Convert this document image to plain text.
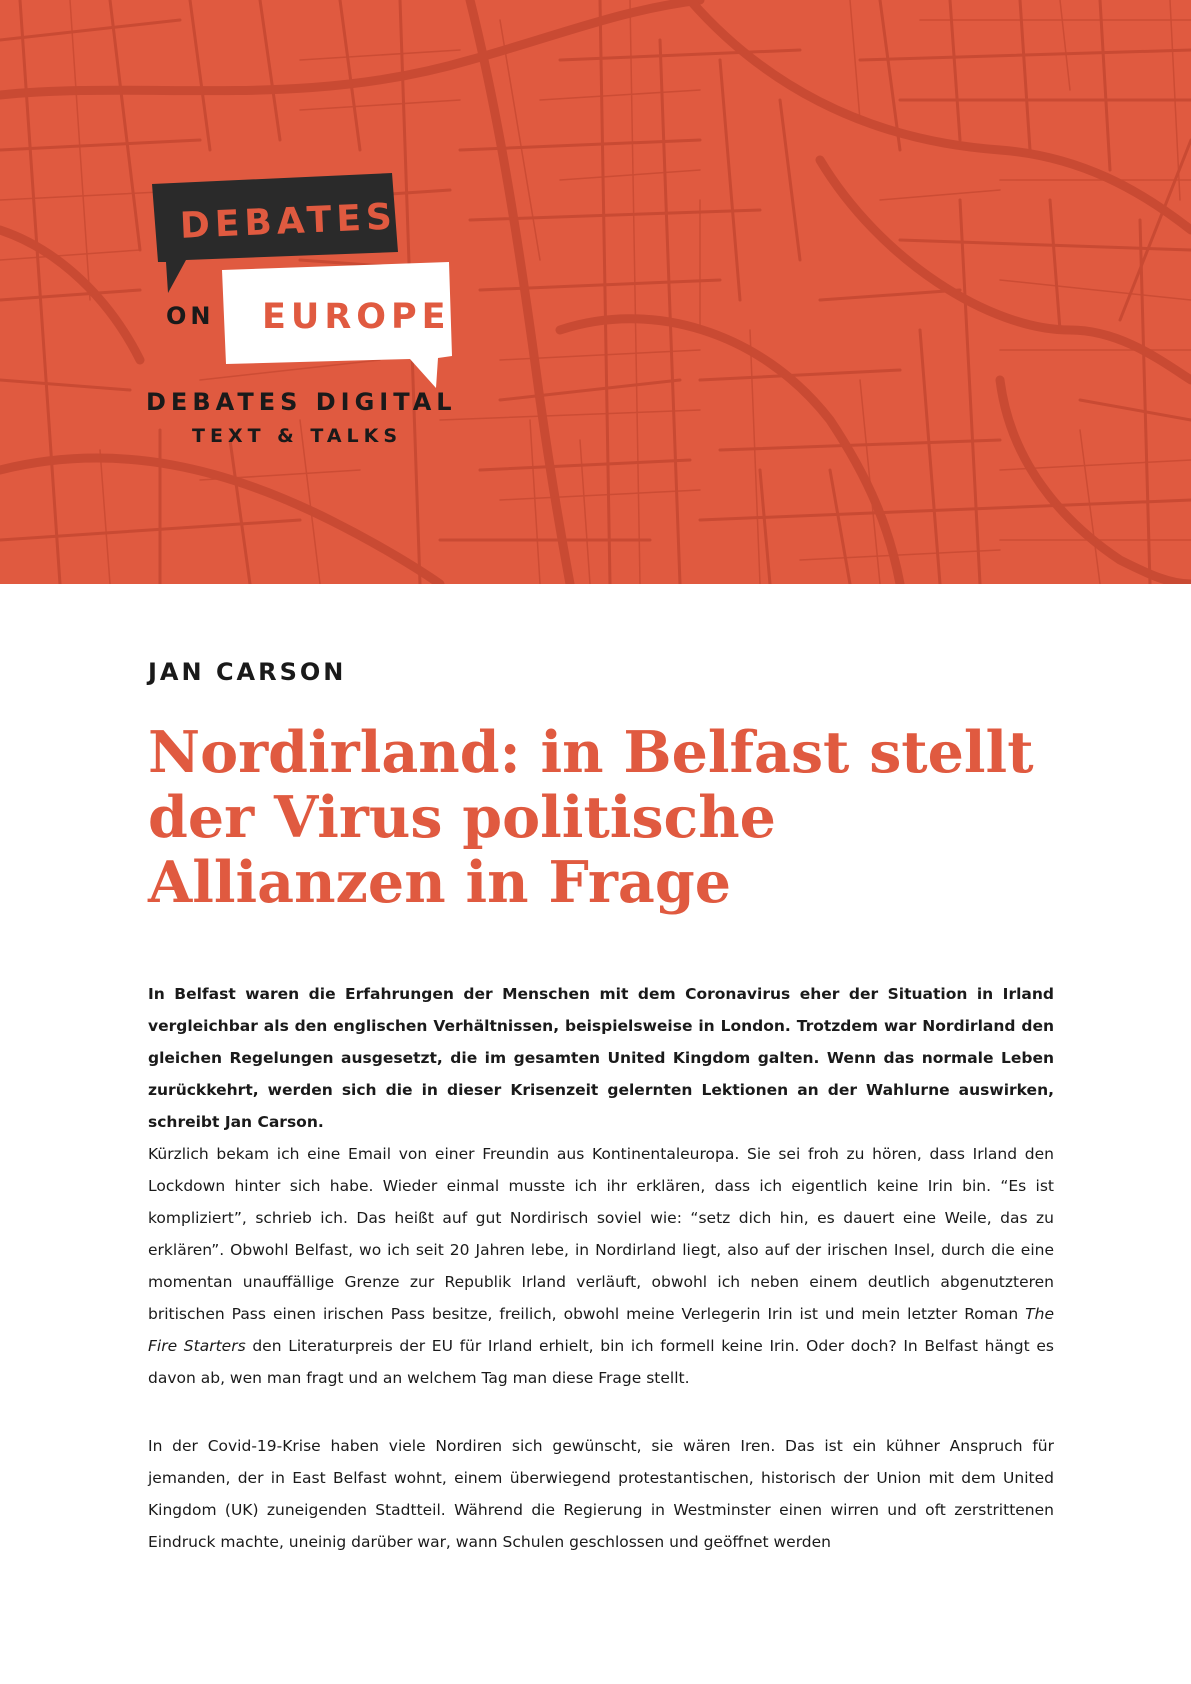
DEBATES
ON EUROPE
DEBATES DIGITAL
TEXT & TALKS

JAN CARSON

Nordirland: in Belfast stellt der Virus politische Allianzen in Frage

In Belfast waren die Erfahrungen der Menschen mit dem Coronavirus eher der Situation in Irland vergleichbar als den englischen Verhältnissen, beispielsweise in London. Trotzdem war Nordirland den gleichen Regelungen ausgesetzt, die im gesamten United Kingdom galten. Wenn das normale Leben zurückkehrt, werden sich die in dieser Krisenzeit gelernten Lektionen an der Wahlurne auswirken, schreibt Jan Carson.

Kürzlich bekam ich eine Email von einer Freundin aus Kontinentaleuropa. Sie sei froh zu hören, dass Irland den Lockdown hinter sich habe. Wieder einmal musste ich ihr erklären, dass ich eigentlich keine Irin bin. “Es ist kompliziert”, schrieb ich. Das heißt auf gut Nordirisch soviel wie: “setz dich hin, es dauert eine Weile, das zu erklären”. Obwohl Belfast, wo ich seit 20 Jahren lebe, in Nordirland liegt, also auf der irischen Insel, durch die eine momentan unauffällige Grenze zur Republik Irland verläuft, obwohl ich neben einem deutlich abgenutzteren britischen Pass einen irischen Pass besitze, freilich, obwohl meine Verlegerin Irin ist und mein letzter Roman The Fire Starters den Literaturpreis der EU für Irland erhielt, bin ich formell keine Irin. Oder doch? In Belfast hängt es davon ab, wen man fragt und an welchem Tag man diese Frage stellt.

In der Covid-19-Krise haben viele Nordiren sich gewünscht, sie wären Iren. Das ist ein kühner Anspruch für jemanden, der in East Belfast wohnt, einem überwiegend protestantischen, historisch der Union mit dem United Kingdom (UK) zuneigenden Stadtteil. Während die Regierung in Westminster einen wirren und oft zerstrittenen Eindruck machte, uneinig darüber war, wann Schulen geschlossen und geöffnet werden
